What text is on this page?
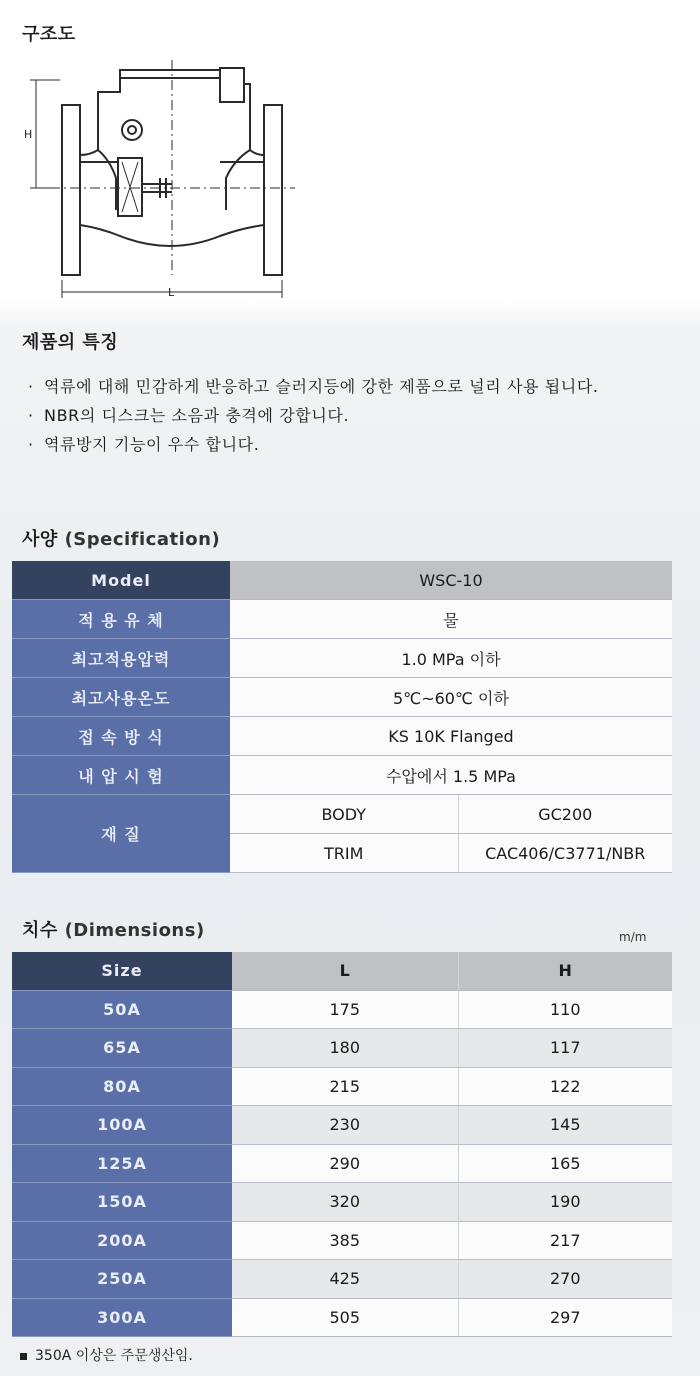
구조도
H
L
제품의 특징
· 역류에 대해 민감하게 반응하고 슬러지등에 강한 제품으로 널리 사용 됩니다.
· NBR의 디스크는 소음과 충격에 강합니다.
· 역류방지 기능이 우수 합니다.
사양 (Specification)
Model	WSC-10	
적 용 유 체	물	
최고적용압력	1.0 MPa 이하	
최고사용온도	5℃~60℃ 이하	
접 속 방 식	KS 10K Flanged	
내 압 시 험	수압에서 1.5 MPa	
재 질	BODY	GC200
	TRIM	CAC406/C3771/NBR
치수 (Dimensions)	m/m
Size	L	H
50A	175	110
65A	180	117
80A	215	122
100A	230	145
125A	290	165
150A	320	190
200A	385	217
250A	425	270
300A	505	297
350A 이상은 주문생산임.
